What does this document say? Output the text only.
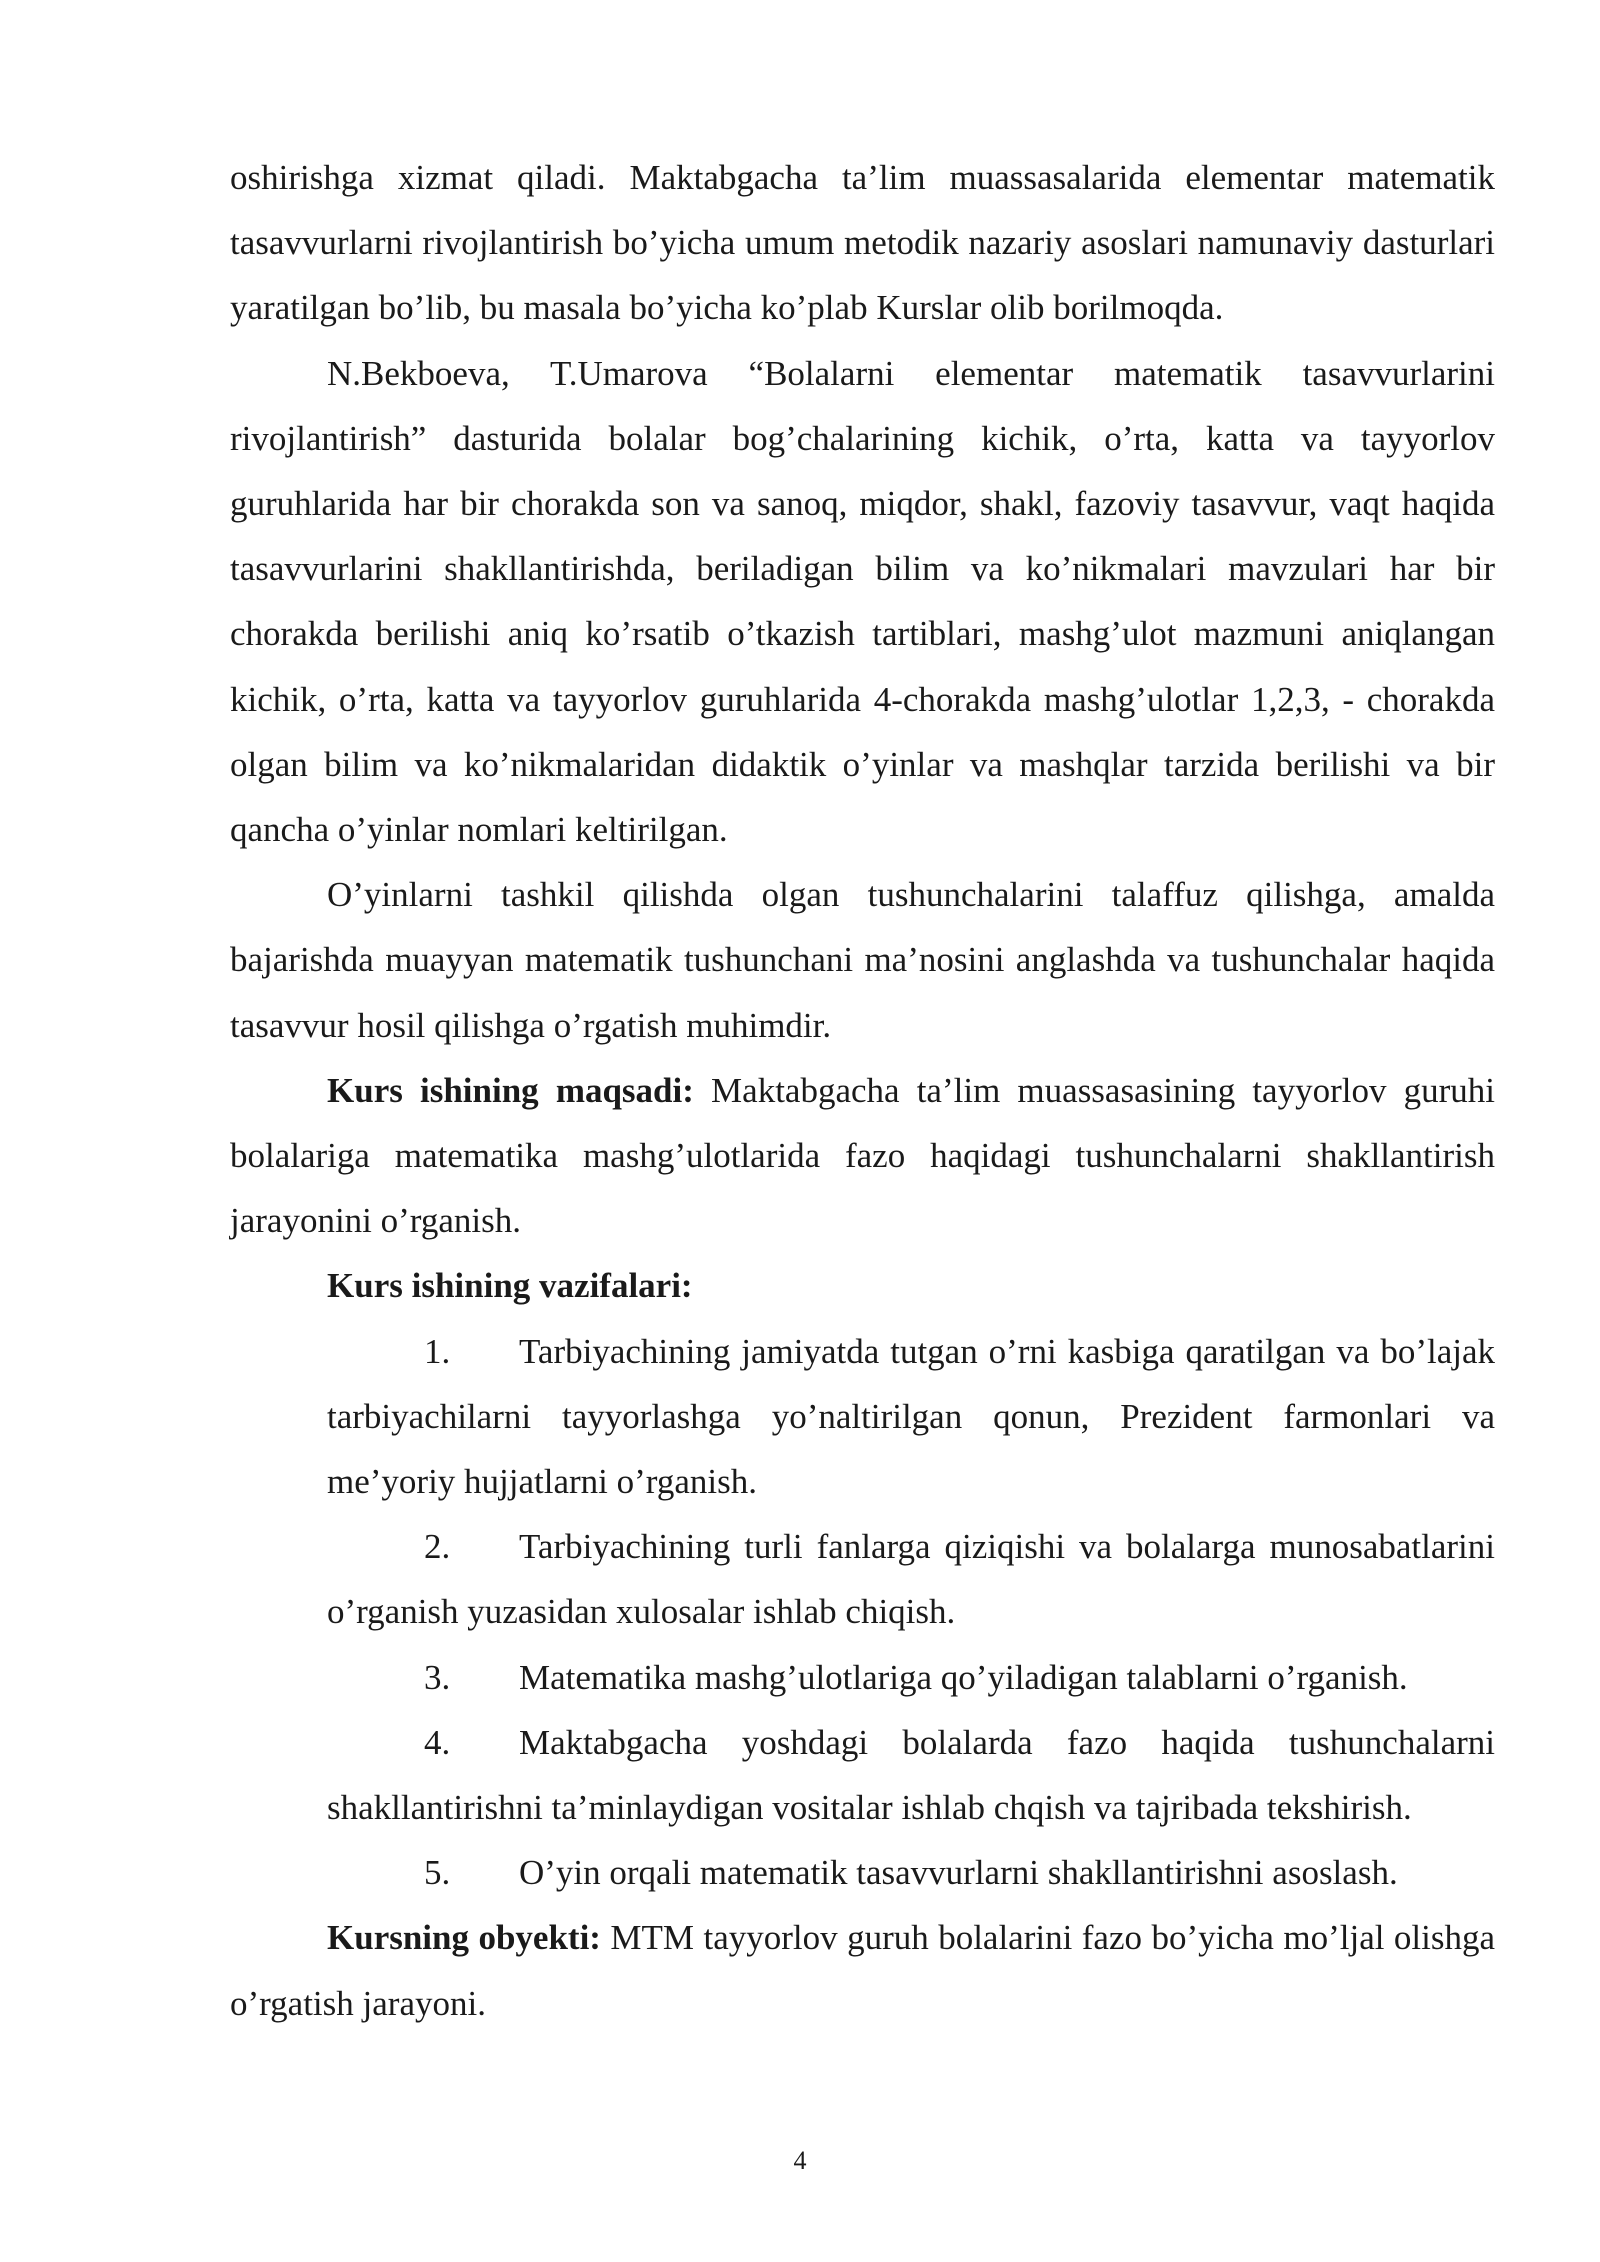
oshirishga xizmat qiladi. Maktabgacha ta’lim muassasalarida elementar matematik tasavvurlarni rivojlantirish bo’yicha umum metodik nazariy asoslari namunaviy dasturlari yaratilgan bo’lib, bu masala bo’yicha ko’plab Kurslar olib borilmoqda.

N.Bekboeva, T.Umarova “Bolalarni elementar matematik tasavvurlarini rivojlantirish” dasturida bolalar bog’chalarining kichik, o’rta, katta va tayyorlov guruhlarida har bir chorakda son va sanoq, miqdor, shakl, fazoviy tasavvur, vaqt haqida tasavvurlarini shakllantirishda, beriladigan bilim va ko’nikmalari mavzulari har bir chorakda berilishi aniq ko’rsatib o’tkazish tartiblari, mashg’ulot mazmuni aniqlangan kichik, o’rta, katta va tayyorlov guruhlarida 4-chorakda mashg’ulotlar 1,2,3, - chorakda olgan bilim va ko’nikmalaridan didaktik o’yinlar va mashqlar tarzida berilishi va bir qancha o’yinlar nomlari keltirilgan.

O’yinlarni tashkil qilishda olgan tushunchalarini talaffuz qilishga, amalda bajarishda muayyan matematik tushunchani ma’nosini anglashda va tushunchalar haqida tasavvur hosil qilishga o’rgatish muhimdir.

Kurs ishining maqsadi: Maktabgacha ta’lim muassasasining tayyorlov guruhi bolalariga matematika mashg’ulotlarida fazo haqidagi tushunchalarni shakllantirish jarayonini o’rganish.

Kurs ishining vazifalari:

1. Tarbiyachining jamiyatda tutgan o’rni kasbiga qaratilgan va bo’lajak tarbiyachilarni tayyorlashga yo’naltirilgan qonun, Prezident farmonlari va me’yoriy hujjatlarni o’rganish.
2. Tarbiyachining turli fanlarga qiziqishi va bolalarga munosabatlarini o’rganish yuzasidan xulosalar ishlab chiqish.
3. Matematika mashg’ulotlariga qo’yiladigan talablarni o’rganish.
4. Maktabgacha yoshdagi bolalarda fazo haqida tushunchalarni shakllantirishni ta’minlaydigan vositalar ishlab chqish va tajribada tekshirish.
5. O’yin orqali matematik tasavvurlarni shakllantirishni asoslash.

Kursning obyekti: MTM tayyorlov guruh bolalarini fazo bo’yicha mo’ljal olishga o’rgatish jarayoni.

4
